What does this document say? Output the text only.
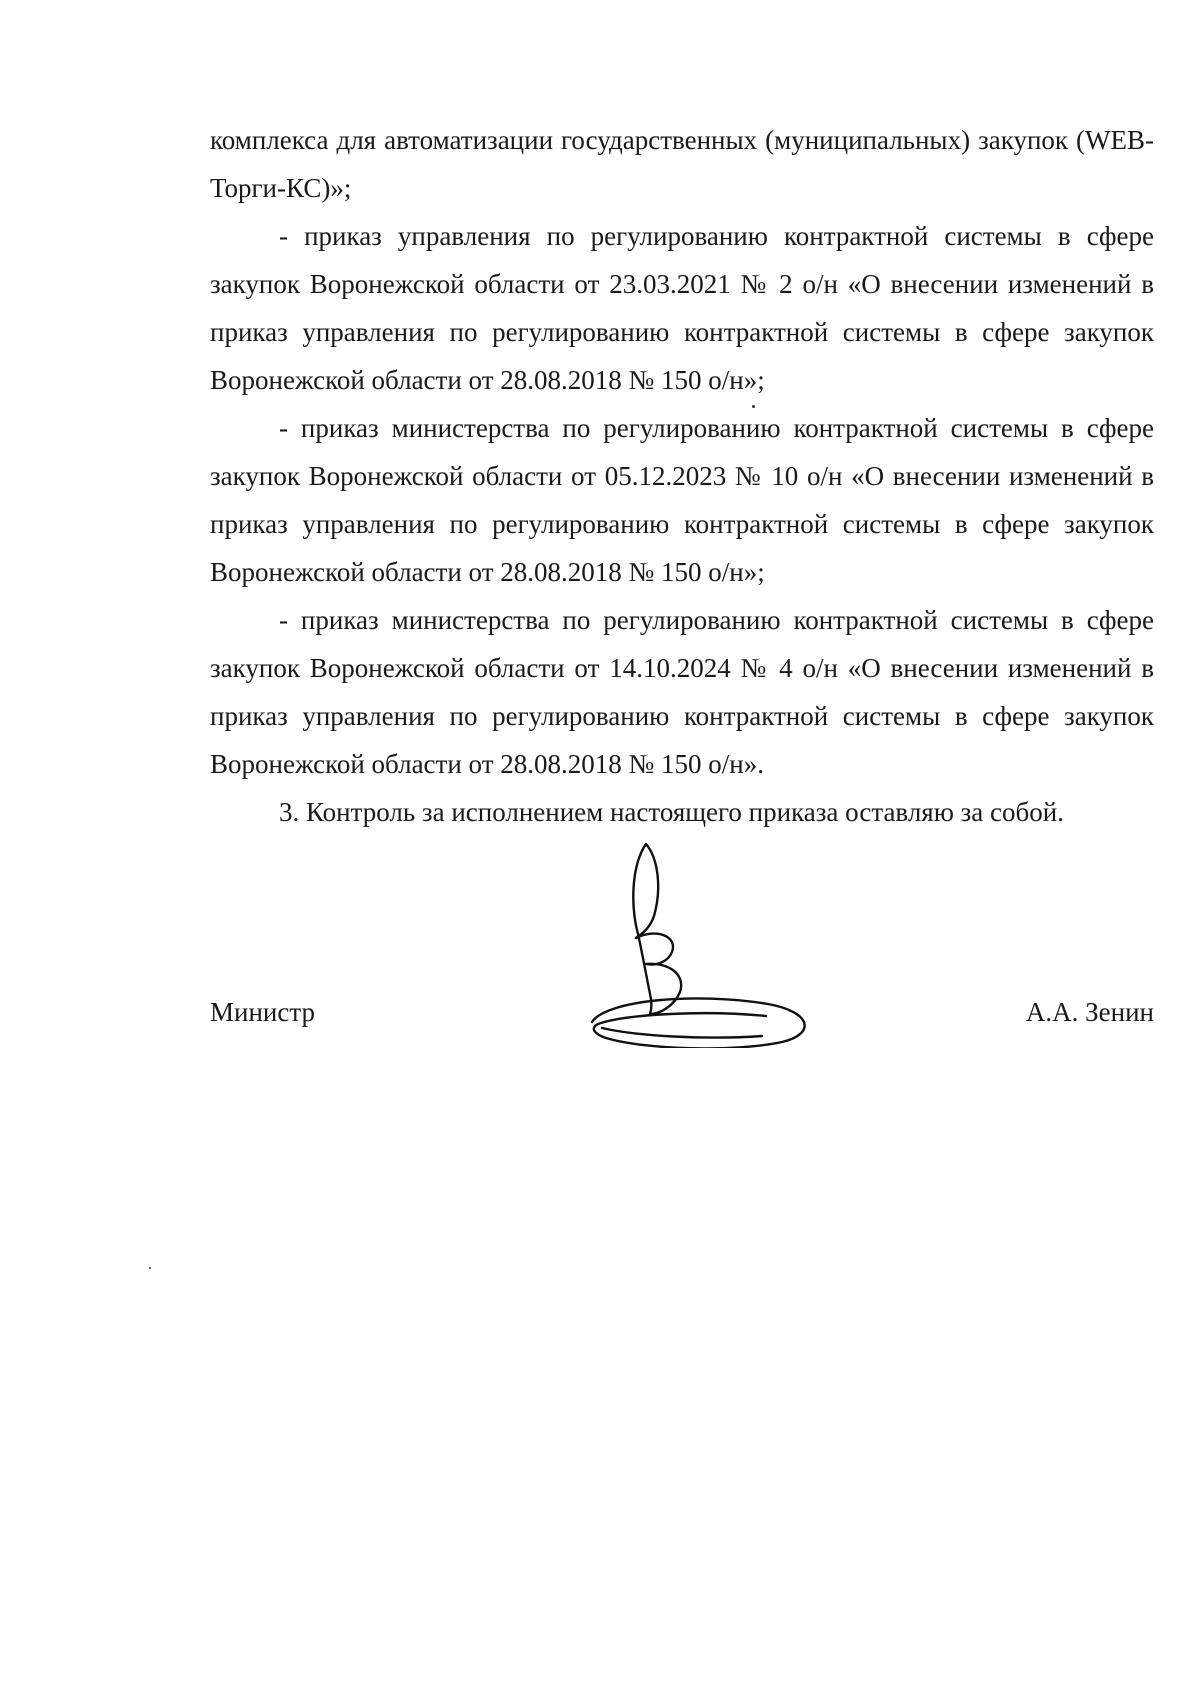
комплекса для автоматизации государственных (муниципальных) закупок (WEB-Торги-КС)»;

- приказ управления по регулированию контрактной системы в сфере закупок Воронежской области от 23.03.2021 № 2 о/н «О внесении изменений в приказ управления по регулированию контрактной системы в сфере закупок Воронежской области от 28.08.2018 № 150 о/н»;

- приказ министерства по регулированию контрактной системы в сфере закупок Воронежской области от 05.12.2023 № 10 о/н «О внесении изменений в приказ управления по регулированию контрактной системы в сфере закупок Воронежской области от 28.08.2018 № 150 о/н»;

- приказ министерства по регулированию контрактной системы в сфере закупок Воронежской области от 14.10.2024 № 4 о/н «О внесении изменений в приказ управления по регулированию контрактной системы в сфере закупок Воронежской области от 28.08.2018 № 150 о/н».

3. Контроль за исполнением настоящего приказа оставляю за собой.

Министр	А.А. Зенин
